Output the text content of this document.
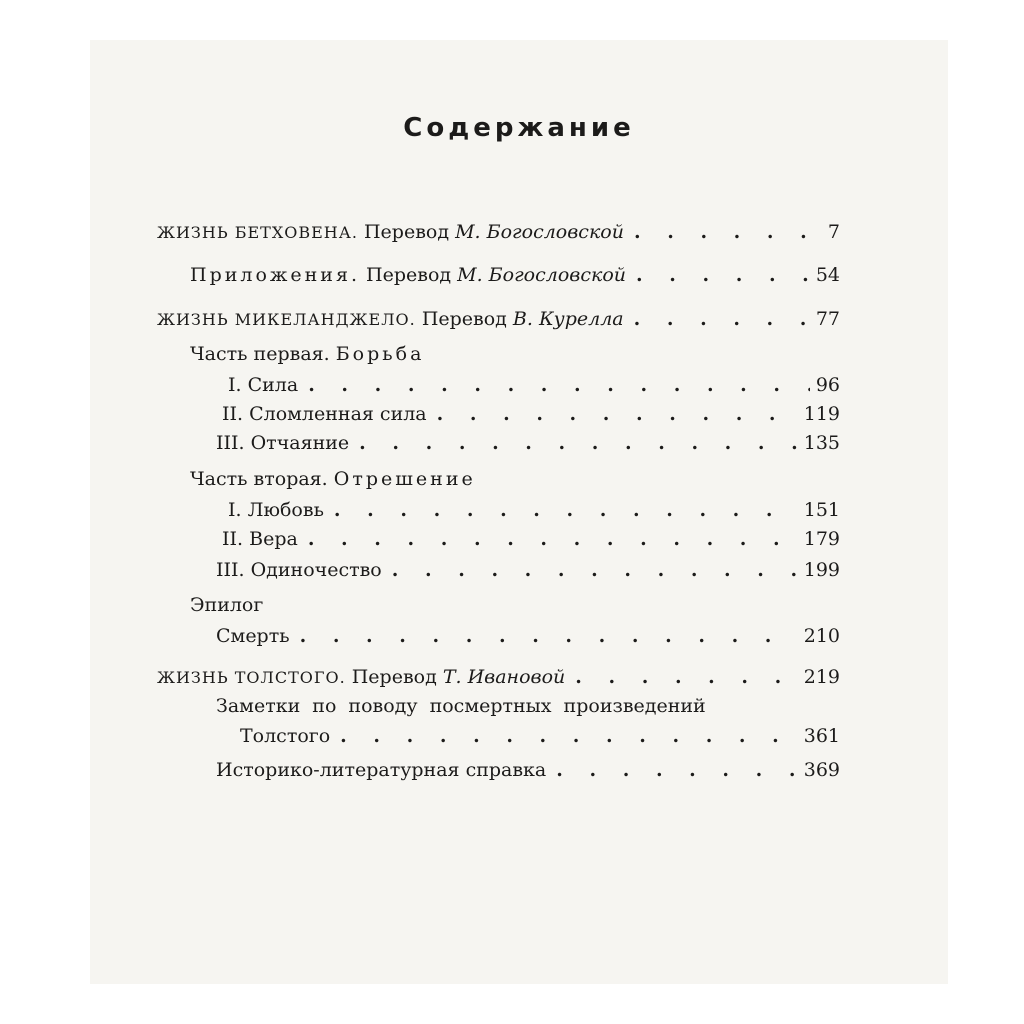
Содержание
ЖИЗНЬ БЕТХОВЕНА. Перевод М. Богословской . . .	7
Приложения. Перевод М. Богословской . . .	54
ЖИЗНЬ МИКЕЛАНДЖЕЛО. Перевод В. Курелла . . .	77
Часть первая. Борьба
I. Сила . . .	96
II. Сломленная сила . . .	119
III. Отчаяние . . .	135
Часть вторая. Отрешение
I. Любовь . . .	151
II. Вера . . .	179
III. Одиночество . . .	199
Эпилог
Смерть . . .	210
ЖИЗНЬ ТОЛСТОГО. Перевод Т. Ивановой . . .	219
Заметки по поводу посмертных произведений
Толстого . . .	361
Историко-литературная справка . . .	369
